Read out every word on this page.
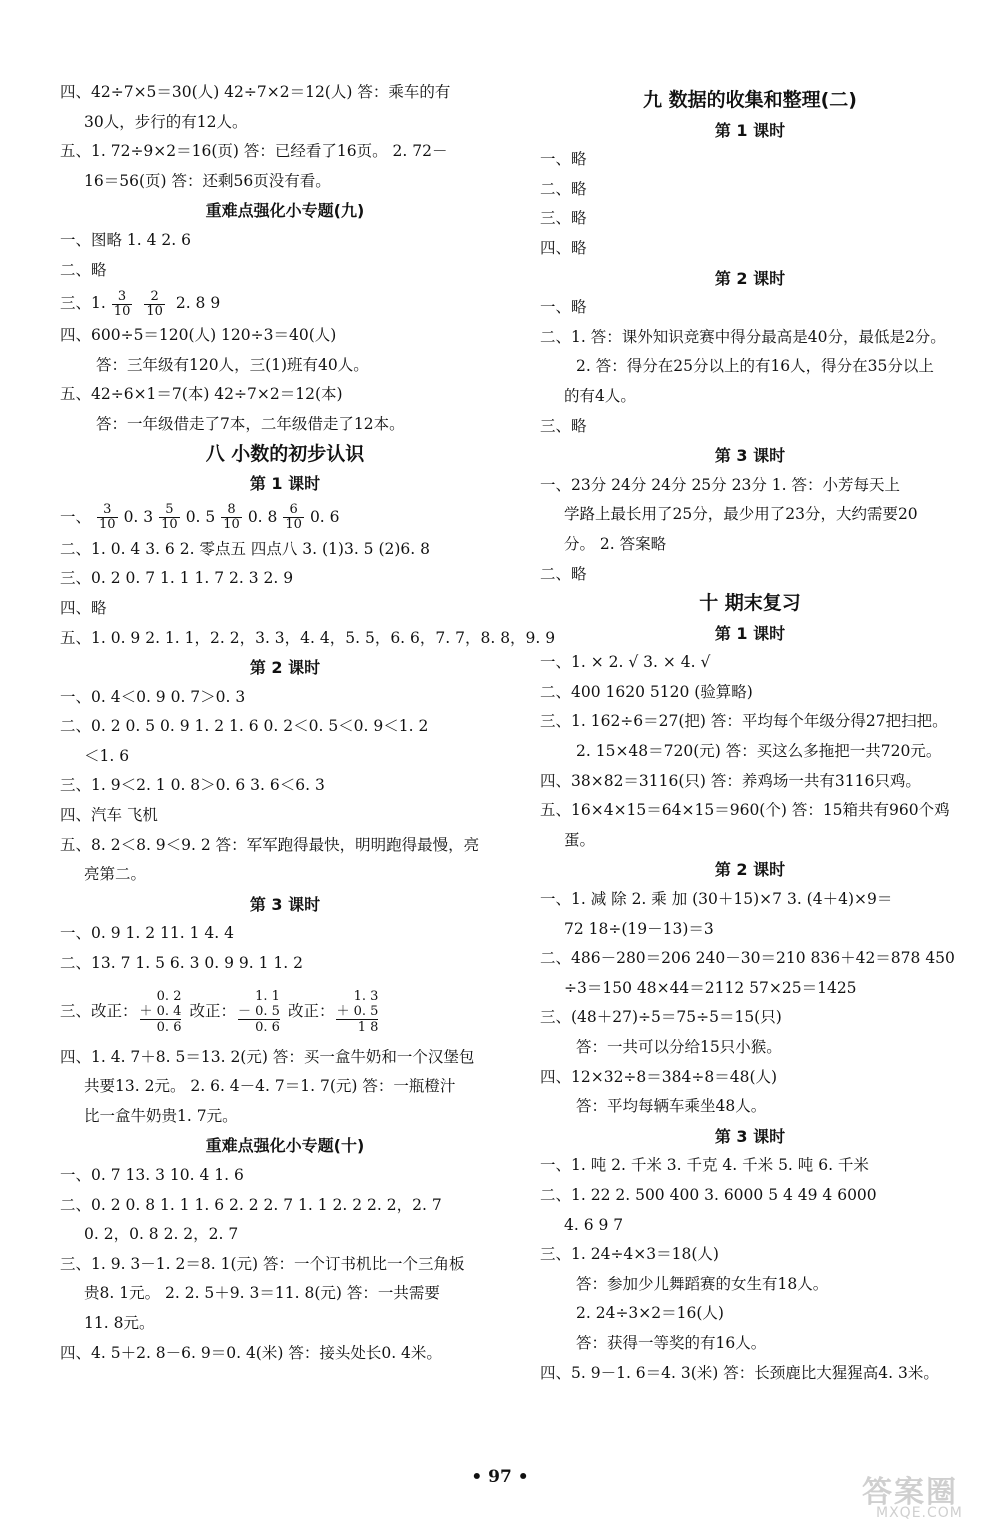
四、42÷7×5＝30(人) 42÷7×2＝12(人) 答：乘车的有
30人，步行的有12人。
五、1. 72÷9×2＝16(页) 答：已经看了16页。 2. 72－
16＝56(页) 答：还剩56页没有看。
重难点强化小专题(九)
一、图略 1. 4 2. 6
二、略
三、1. $\frac{3}{10} \frac{2}{10} 2$. 8 9
四、600÷5＝120(人) 120÷3＝40(人)
答：三年级有120人，三(1)班有40人。
五、42÷6×1＝7(本) 42÷7×2＝12(本)
答：一年级借走了7本，二年级借走了12本。
八 小数的初步认识
第 1 课时
一、 $\frac{3}{10} 0$. $3 \frac{5}{10} 0$. $5 \frac{8}{10} 0$. $8 \frac{6}{10} 0$. 6
二、1. 0. 4 3. 6 2. 零点五 四点八 3. (1)3. 5 (2)6. 8
三、0. 2 0. 7 1. 1 1. 7 2. 3 2. 9
四、略
五、1. 0. 9 2. 1. 1，2. 2，3. 3，4. 4，5. 5，6. 6，7. 7，8. 8，9. 9
第 2 课时
一、0. 4＜0. 9 0. 7＞0. 3
二、0. 2 0. 5 0. 9 1. 2 1. 6 0. 2＜0. 5＜0. 9＜1. 2
＜1. 6
三、1. 9＜2. 1 0. 8＞0. 6 3. 6＜6. 3
四、汽车 飞机
五、8. 2＜8. 9＜9. 2 答：军军跑得最快，明明跑得最慢，亮
亮第二。
第 3 课时
一、0. 9 1. 2 11. 1 4. 4
二、13. 7 1. 5 6. 3 0. 9 9. 1 1. 2
三、改正：
0. 2
＋ 0. 4
0. 6
改正：
1. 1
－ 0. 5
0. 6
改正：
1. 3
＋ 0. 5
1 8
四、1. 4. 7＋8. 5＝13. 2(元) 答：买一盒牛奶和一个汉堡包
共要13. 2元。 2. 6. 4－4. 7＝1. 7(元) 答：一瓶橙汁
比一盒牛奶贵1. 7元。
重难点强化小专题(十)
一、0. 7 13. 3 10. 4 1. 6
二、0. 2 0. 8 1. 1 1. 6 2. 2 2. 7 1. 1 2. 2 2. 2，2. 7
0. 2，0. 8 2. 2，2. 7
三、1. 9. 3－1. 2＝8. 1(元) 答：一个订书机比一个三角板
贵8. 1元。 2. 2. 5＋9. 3＝11. 8(元) 答：一共需要
11. 8元。
四、4. 5＋2. 8－6. 9＝0. 4(米) 答：接头处长0. 4米。
九 数据的收集和整理(二)
第 1 课时
一、略
二、略
三、略
四、略
第 2 课时
一、略
二、1. 答：课外知识竞赛中得分最高是40分，最低是2分。
2. 答：得分在25分以上的有16人，得分在35分以上
的有4人。
三、略
第 3 课时
一、23分 24分 24分 25分 23分 1. 答：小芳每天上
学路上最长用了25分，最少用了23分，大约需要20
分。 2. 答案略
二、略
十 期末复习
第 1 课时
一、1. × 2. √ 3. × 4. √
二、400 1620 5120 (验算略)
三、1. 162÷6＝27(把) 答：平均每个年级分得27把扫把。
2. 15×48＝720(元) 答：买这么多拖把一共720元。
四、38×82＝3116(只) 答：养鸡场一共有3116只鸡。
五、16×4×15＝64×15＝960(个) 答：15箱共有960个鸡
蛋。
第 2 课时
一、1. 减 除 2. 乘 加 (30＋15)×7 3. (4＋4)×9＝
72 18÷(19－13)＝3
二、486－280＝206 240－30＝210 836＋42＝878 450
÷3＝150 48×44＝2112 57×25＝1425
三、(48＋27)÷5＝75÷5＝15(只)
答：一共可以分给15只小猴。
四、12×32÷8＝384÷8＝48(人)
答：平均每辆车乘坐48人。
第 3 课时
一、1. 吨 2. 千米 3. 千克 4. 千米 5. 吨 6. 千米
二、1. 22 2. 500 400 3. 6000 5 4 49 4 6000
4. 6 9 7
三、1. 24÷4×3＝18(人)
答：参加少儿舞蹈赛的女生有18人。
2. 24÷3×2＝16(人)
答：获得一等奖的有16人。
四、5. 9－1. 6＝4. 3(米) 答：长颈鹿比大猩猩高4. 3米。
• 97 •	答案圈
MXQE.COM
